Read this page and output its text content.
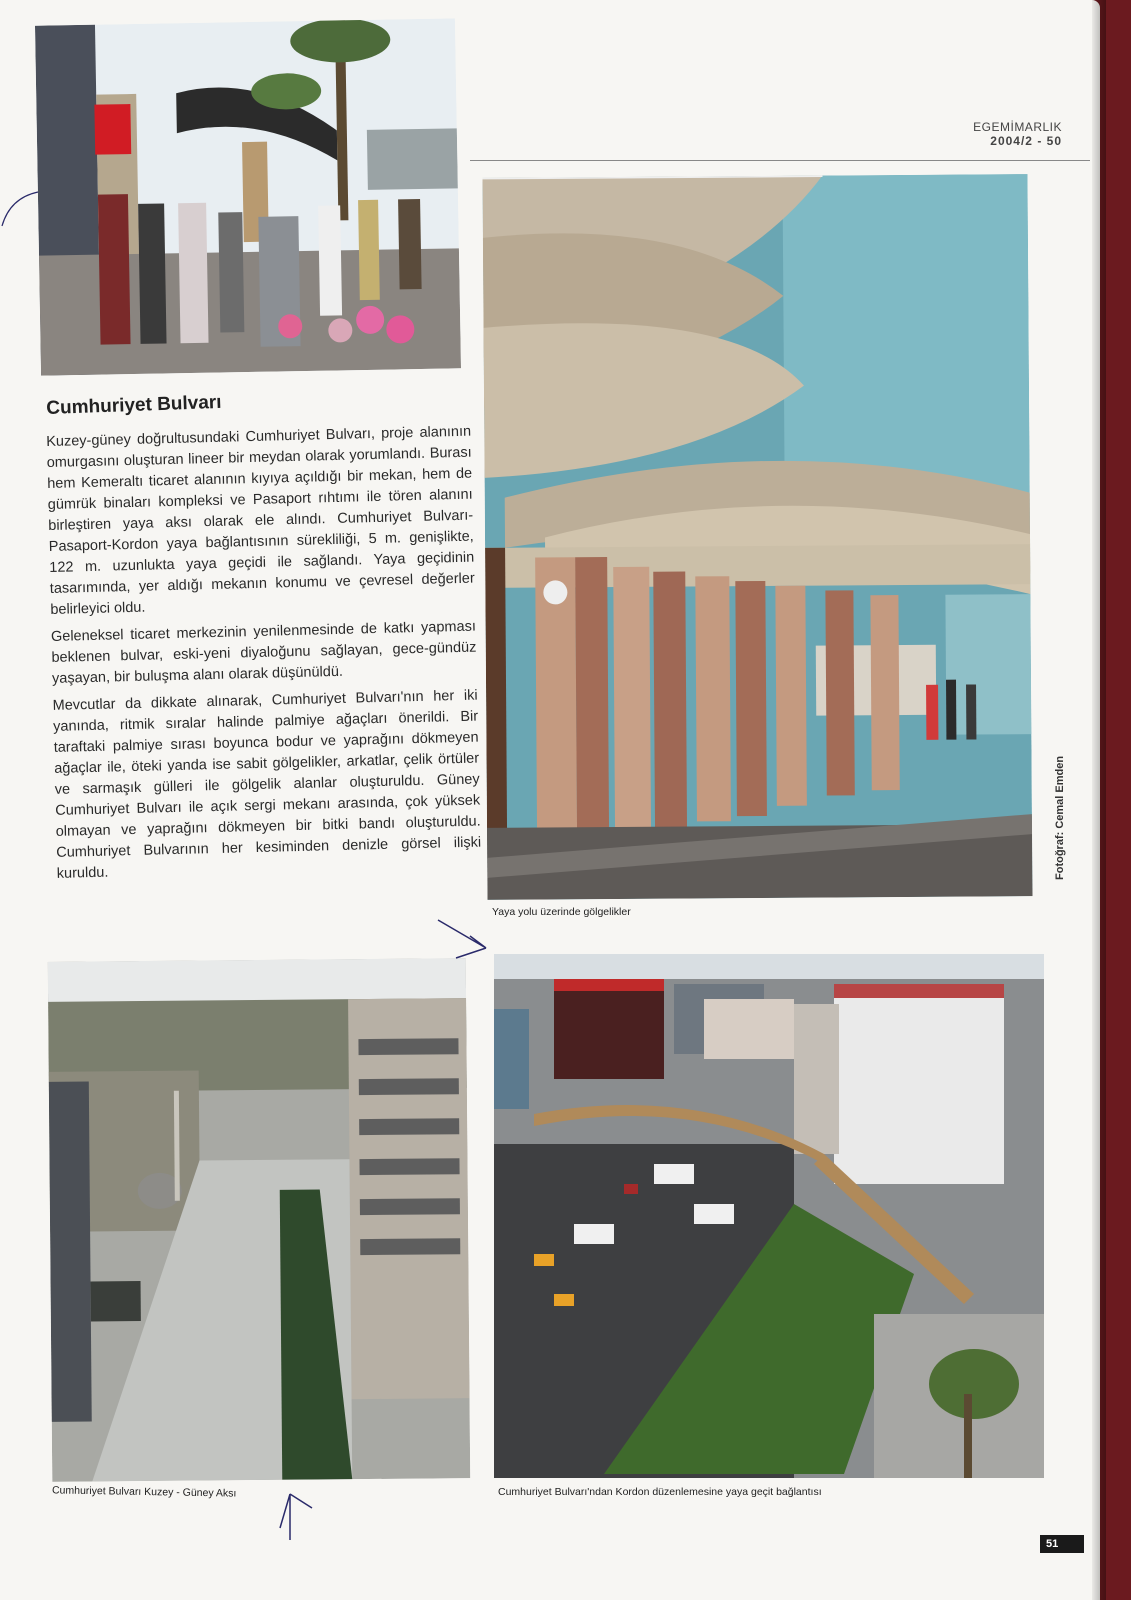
EGEMİMARLIK
2004/2 - 50
Yaya yolu üzerinde gölgelikler
Fotoğraf: Cemal Emden
Cumhuriyet Bulvarı

Kuzey-güney doğrultusundaki Cumhuriyet Bulvarı, proje alanının omurgasını oluşturan lineer bir meydan olarak yorumlandı. Burası hem Kemeraltı ticaret alanının kıyıya açıldığı bir mekan, hem de gümrük binaları kompleksi ve Pasaport rıhtımı ile tören alanını birleştiren yaya aksı olarak ele alındı. Cumhuriyet Bulvarı-Pasaport-Kordon yaya bağlantısının sürekliliği, 5 m. genişlikte, 122 m. uzunlukta yaya geçidi ile sağlandı. Yaya geçidinin tasarımında, yer aldığı mekanın konumu ve çevresel değerler belirleyici oldu.

Geleneksel ticaret merkezinin yenilenmesinde de katkı yapması beklenen bulvar, eski-yeni diyaloğunu sağlayan, gece-gündüz yaşayan, bir buluşma alanı olarak düşünüldü.

Mevcutlar da dikkate alınarak, Cumhuriyet Bulvarı'nın her iki yanında, ritmik sıralar halinde palmiye ağaçları önerildi. Bir taraftaki palmiye sırası boyunca bodur ve yaprağını dökmeyen ağaçlar ile, öteki yanda ise sabit gölgelikler, arkatlar, çelik örtüler ve sarmaşık gülleri ile gölgelik alanlar oluşturuldu. Güney Cumhuriyet Bulvarı ile açık sergi mekanı arasında, çok yüksek olmayan ve yaprağını dökmeyen bir bitki bandı oluşturuldu. Cumhuriyet Bulvarının her kesiminden denizle görsel ilişki kuruldu.

Cumhuriyet Bulvarı Kuzey - Güney Aksı	Cumhuriyet Bulvarı'ndan Kordon düzenlemesine yaya geçit bağlantısı
51
